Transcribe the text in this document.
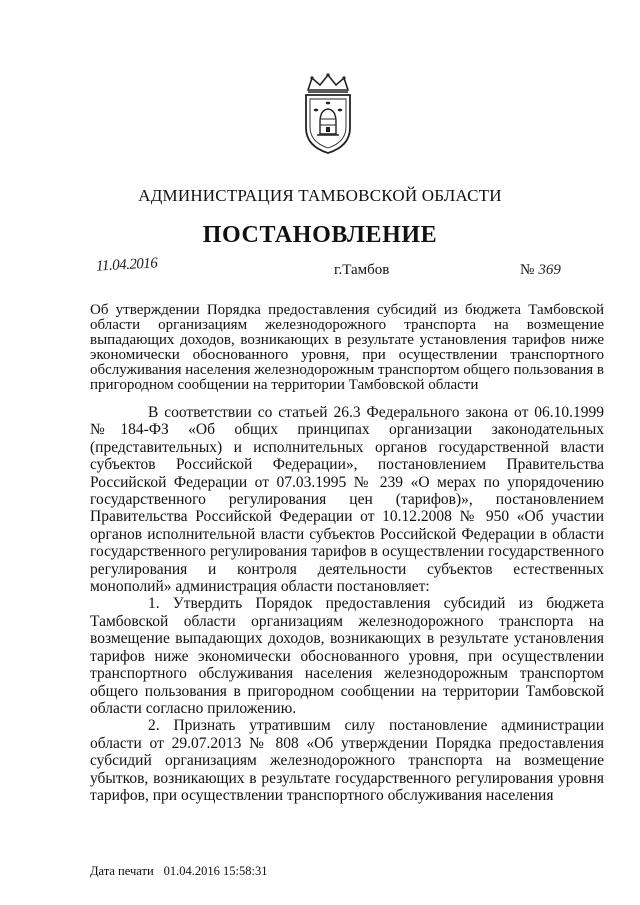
АДМИНИСТРАЦИЯ ТАМБОВСКОЙ ОБЛАСТИ
ПОСТАНОВЛЕНИЕ
11.04.2016	г.Тамбов	№ 369
Об утверждении Порядка предоставления субсидий из бюджета Тамбовской области организациям железнодорожного транспорта на возмещение выпадающих доходов, возникающих в результате установления тарифов ниже экономически обоснованного уровня, при осуществлении транспортного обслуживания населения железнодорожным транспортом общего пользования в пригородном сообщении на территории Тамбовской области

В соответствии со статьей 26.3 Федерального закона от 06.10.1999 №184-ФЗ «Об общих принципах организации законодательных (представительных) и исполнительных органов государственной власти субъектов Российской Федерации», постановлением Правительства Российской Федерации от 07.03.1995 № 239 «О мерах по упорядочению государственного регулирования цен (тарифов)», постановлением Правительства Российской Федерации от 10.12.2008 № 950 «Об участии органов исполнительной власти субъектов Российской Федерации в области государственного регулирования тарифов в осуществлении государственного регулирования и контроля деятельности субъектов естественных монополий» администрация области постановляет:

1. Утвердить Порядок предоставления субсидий из бюджета Тамбовской области организациям железнодорожного транспорта на возмещение выпадающих доходов, возникающих в результате установления тарифов ниже экономически обоснованного уровня, при осуществлении транспортного обслуживания населения железнодорожным транспортом общего пользования в пригородном сообщении на территории Тамбовской области согласно приложению.

2. Признать утратившим силу постановление администрации области от 29.07.2013 № 808 «Об утверждении Порядка предоставления субсидий организациям железнодорожного транспорта на возмещение убытков, возникающих в результате государственного регулирования уровня тарифов, при осуществлении транспортного обслуживания населения

Дата печати 01.04.2016 15:58:31
